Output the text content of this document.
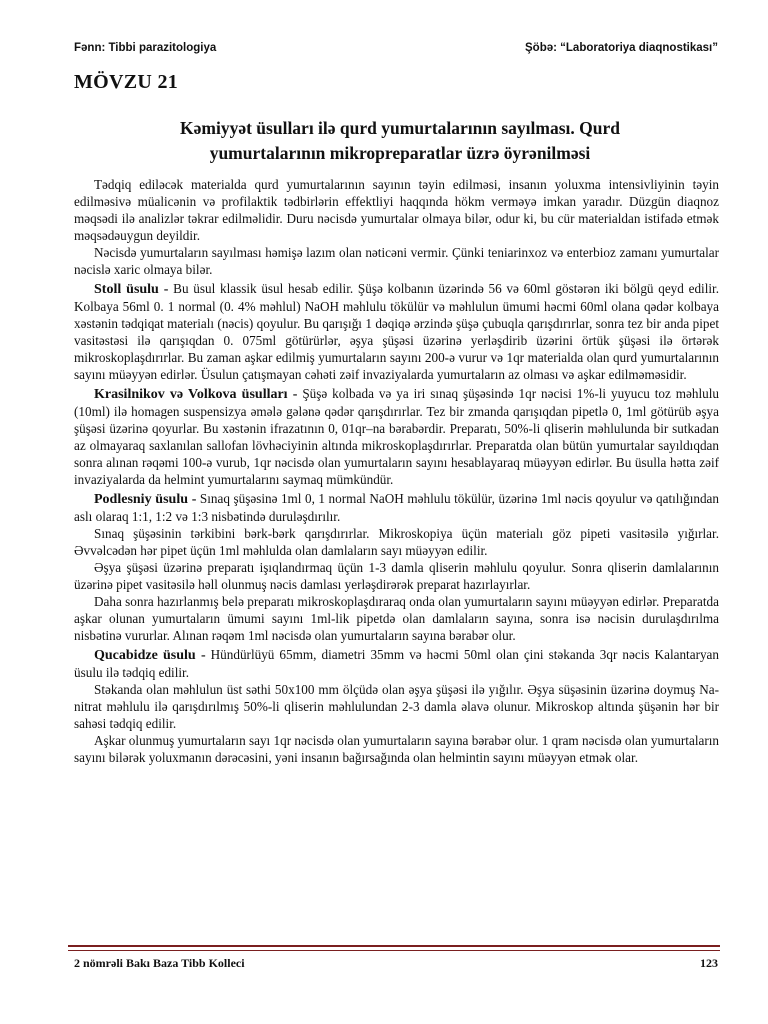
Fənn: Tibbi parazitologiya	Şöbə: “Laboratoriya diaqnostikası”
MÖVZU 21
Kəmiyyət üsulları ilə qurd yumurtalarının sayılması. Qurd yumurtalarının mikropreparatlar üzrə öyrənilməsi

Tədqiq ediləcək materialda qurd yumurtalarının sayının təyin edilməsi, insanın yoluxma intensivliyinin təyin edilməsivə müalicənin və profilaktik tədbirlərin effektliyi haqqında hökm verməyə imkan yaradır. Düzgün diaqnoz məqsədi ilə analizlər təkrar edilməlidir. Duru nəcisdə yumurtalar olmaya bilər, odur ki, bu cür materialdan istifadə etmək məqsədəuygun deyildir.

Nəcisdə yumurtaların sayılması həmişə lazım olan nəticəni vermir. Çünki teniarinxoz və enterbioz zamanı yumurtalar nəcislə xaric olmaya bilər.

Stoll üsulu - Bu üsul klassik üsul hesab edilir. Şüşə kolbanın üzərində 56 və 60ml göstərən iki bölgü qeyd edilir. Kolbaya 56ml 0. 1 normal (0. 4% məhlul) NaOH məhlulu tökülür və məhlulun ümumi həcmi 60ml olana qədər kolbaya xəstənin tədqiqat materialı (nəcis) qoyulur. Bu qarışığı 1 dəqiqə ərzində şüşə çubuqla qarışdırırlar, sonra tez bir anda pipet vasitəstəsi ilə qarışıqdan 0. 075ml götürürlər, əşya şüşəsi üzərinə yerləşdirib üzərini örtük şüşəsi ilə örtərək mikroskoplaşdırırlar. Bu zaman aşkar edilmiş yumurtaların sayını 200-ə vurur və 1qr materialda olan qurd yumurtalarının sayını müəyyən edirlər. Üsulun çatışmayan cəhəti zəif invaziyalarda yumurtaların az olması və aşkar edilməməsidir.

Krasilnikov və Volkova üsulları - Şüşə kolbada və ya iri sınaq şüşəsində 1qr nəcisi 1%-li yuyucu toz məhlulu (10ml) ilə homagen suspensizya əmələ gələnə qədər qarışdırırlar. Tez bir zmanda qarışıqdan pipetlə 0, 1ml götürüb əşya şüşəsi üzərinə qoyurlar. Bu xəstənin ifrazatının 0, 01qr–na bərabərdir. Preparatı, 50%-li qliserin məhlulunda bir sutkadan az olmayaraq saxlanılan sallofan lövhəciyinin altında mikroskoplaşdırırlar. Preparatda olan bütün yumurtalar sayıldıqdan sonra alınan rəqəmi 100-ə vurub, 1qr nəcisdə olan yumurtaların sayını hesablayaraq müəyyən edirlər. Bu üsulla hətta zəif invaziyalarda da helmint yumurtalarını saymaq mümkündür.

Podlesniy üsulu - Sınaq şüşəsinə 1ml 0, 1 normal NaOH məhlulu tökülür, üzərinə 1ml nəcis qoyulur və qatılığından aslı olaraq 1:1, 1:2 və 1:3 nisbətində duruləşdırılır.

Sınaq şüşəsinin tərkibini bərk-bərk qarışdırırlar. Mikroskopiya üçün materialı göz pipeti vasitəsilə yığırlar. Əvvəlcədən hər pipet üçün 1ml məhlulda olan damlaların sayı müəyyən edilir.

Əşya şüşəsi üzərinə preparatı işıqlandırmaq üçün 1-3 damla qliserin məhlulu qoyulur. Sonra qliserin damlalarının üzərinə pipet vasitəsilə həll olunmuş nəcis damlası yerləşdirərək preparat hazırlayırlar.

Daha sonra hazırlanmış belə preparatı mikroskoplaşdıraraq onda olan yumurtaların sayını müəyyən edirlər. Preparatda aşkar olunan yumurtaların ümumi sayını 1ml-lik pipetdə olan damlaların sayına, sonra isə nəcisin durulaşdırılma nisbətinə vururlar. Alınan rəqəm 1ml nəcisdə olan yumurtaların sayına bərabər olur.

Qucabidze üsulu - Hündürlüyü 65mm, diametri 35mm və həcmi 50ml olan çini stəkanda 3qr nəcis Kalantaryan üsulu ilə tədqiq edilir.

Stəkanda olan məhlulun üst səthi 50x100 mm ölçüdə olan əşya şüşəsi ilə yığılır. Əşya süşəsinin üzərinə doymuş Na-nitrat məhlulu ilə qarışdırılmış 50%-li qliserin məhlulundan 2-3 damla əlavə olunur. Mikroskop altında şüşənin hər bir sahəsi tədqiq edilir.

Aşkar olunmuş yumurtaların sayı 1qr nəcisdə olan yumurtaların sayına bərabər olur. 1 qram nəcisdə olan yumurtaların sayını bilərək yoluxmanın dərəcəsini, yəni insanın bağırsağında olan helmintin sayını müəyyən etmək olar.

2 nömrəli Bakı Baza Tibb Kolleci	123
